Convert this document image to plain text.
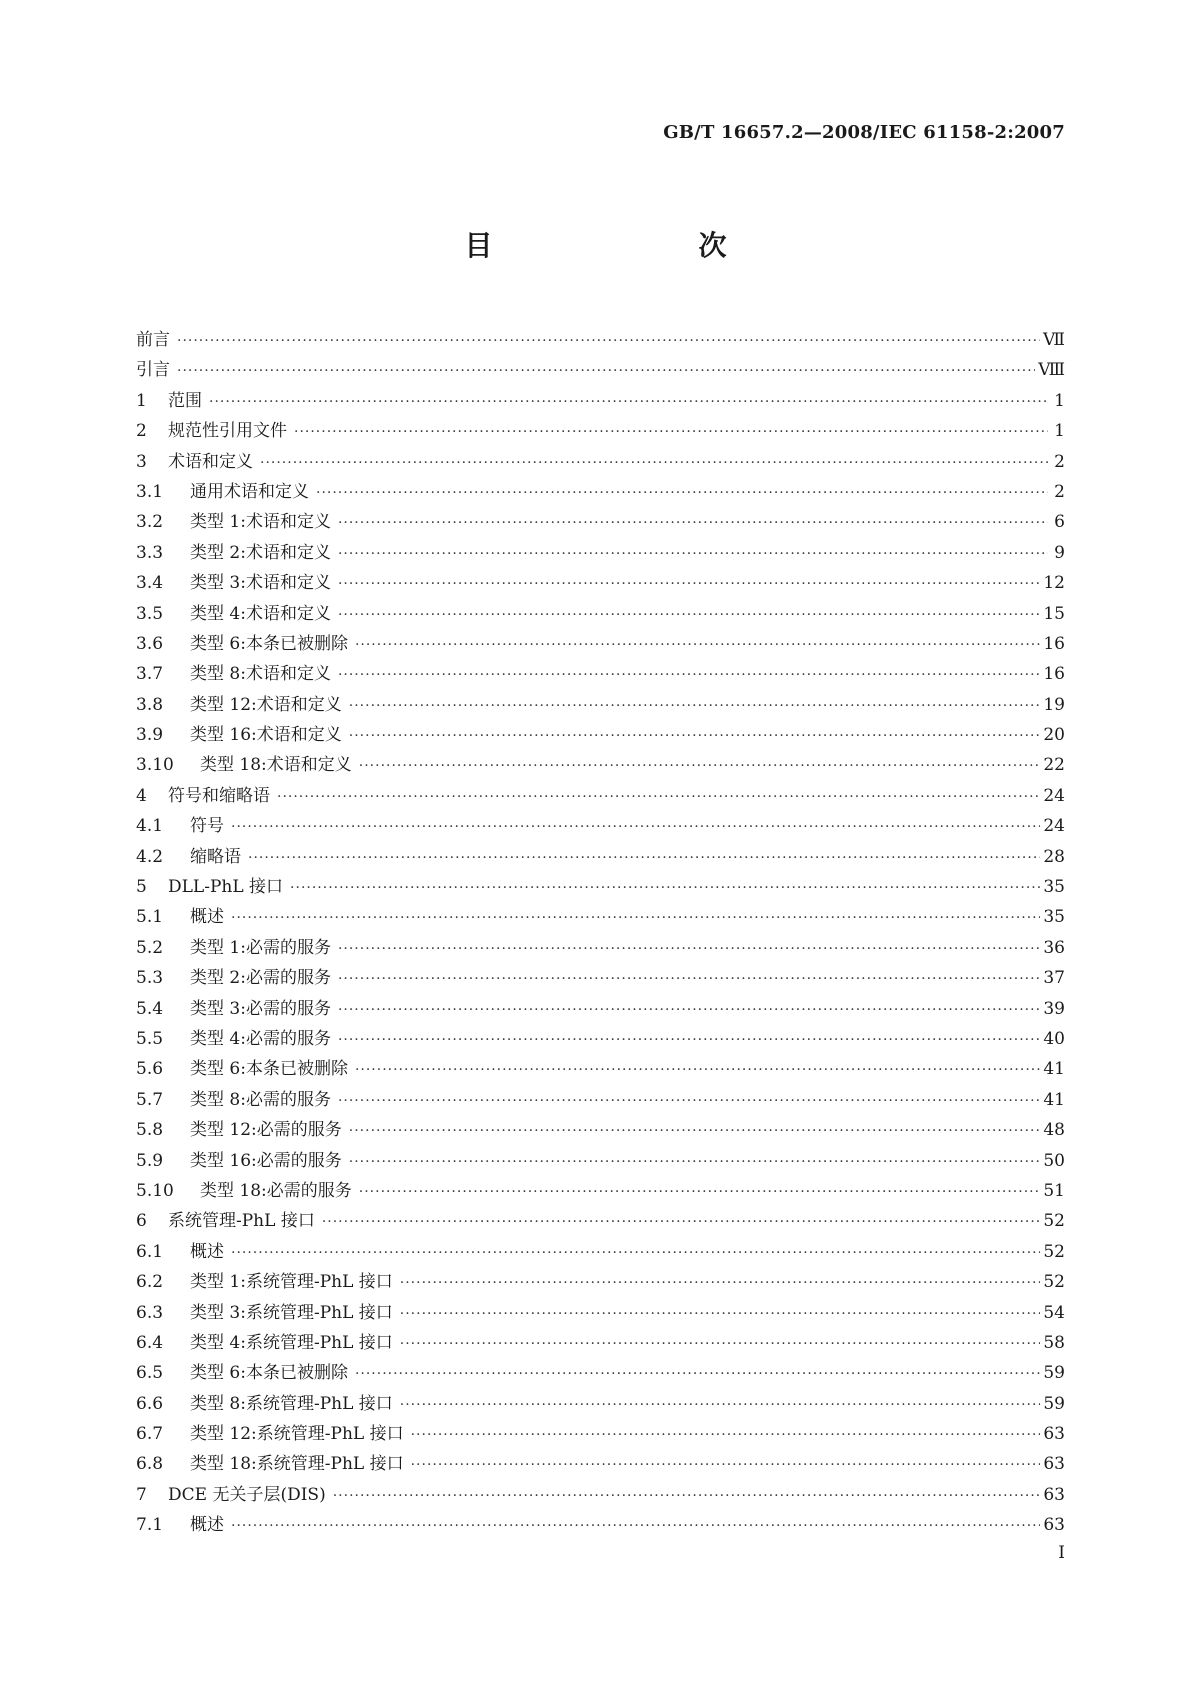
GB/T 16657.2—2008/IEC 61158-2:2007
目　　次
前言 ·····	Ⅶ
引言 ·····	Ⅷ
1	范围 ·····	1
2	规范性引用文件 ·····	1
3	术语和定义 ·····	2
3.1	通用术语和定义 ·····	2
3.2	类型 1:术语和定义 ·····	6
3.3	类型 2:术语和定义 ·····	9
3.4	类型 3:术语和定义 ·····	12
3.5	类型 4:术语和定义 ·····	15
3.6	类型 6:本条已被删除 ·····	16
3.7	类型 8:术语和定义 ·····	16
3.8	类型 12:术语和定义 ·····	19
3.9	类型 16:术语和定义 ·····	20
3.10	类型 18:术语和定义 ·····	22
4	符号和缩略语 ·····	24
4.1	符号 ·····	24
4.2	缩略语 ·····	28
5	DLL-PhL 接口 ·····	35
5.1	概述 ·····	35
5.2	类型 1:必需的服务 ·····	36
5.3	类型 2:必需的服务 ·····	37
5.4	类型 3:必需的服务 ·····	39
5.5	类型 4:必需的服务 ·····	40
5.6	类型 6:本条已被删除 ·····	41
5.7	类型 8:必需的服务 ·····	41
5.8	类型 12:必需的服务 ·····	48
5.9	类型 16:必需的服务 ·····	50
5.10	类型 18:必需的服务 ·····	51
6	系统管理-PhL 接口 ·····	52
6.1	概述 ·····	52
6.2	类型 1:系统管理-PhL 接口 ·····	52
6.3	类型 3:系统管理-PhL 接口 ·····	54
6.4	类型 4:系统管理-PhL 接口 ·····	58
6.5	类型 6:本条已被删除 ·····	59
6.6	类型 8:系统管理-PhL 接口 ·····	59
6.7	类型 12:系统管理-PhL 接口 ·····	63
6.8	类型 18:系统管理-PhL 接口 ·····	63
7	DCE 无关子层(DIS) ·····	63
7.1	概述 ·····	63
I
